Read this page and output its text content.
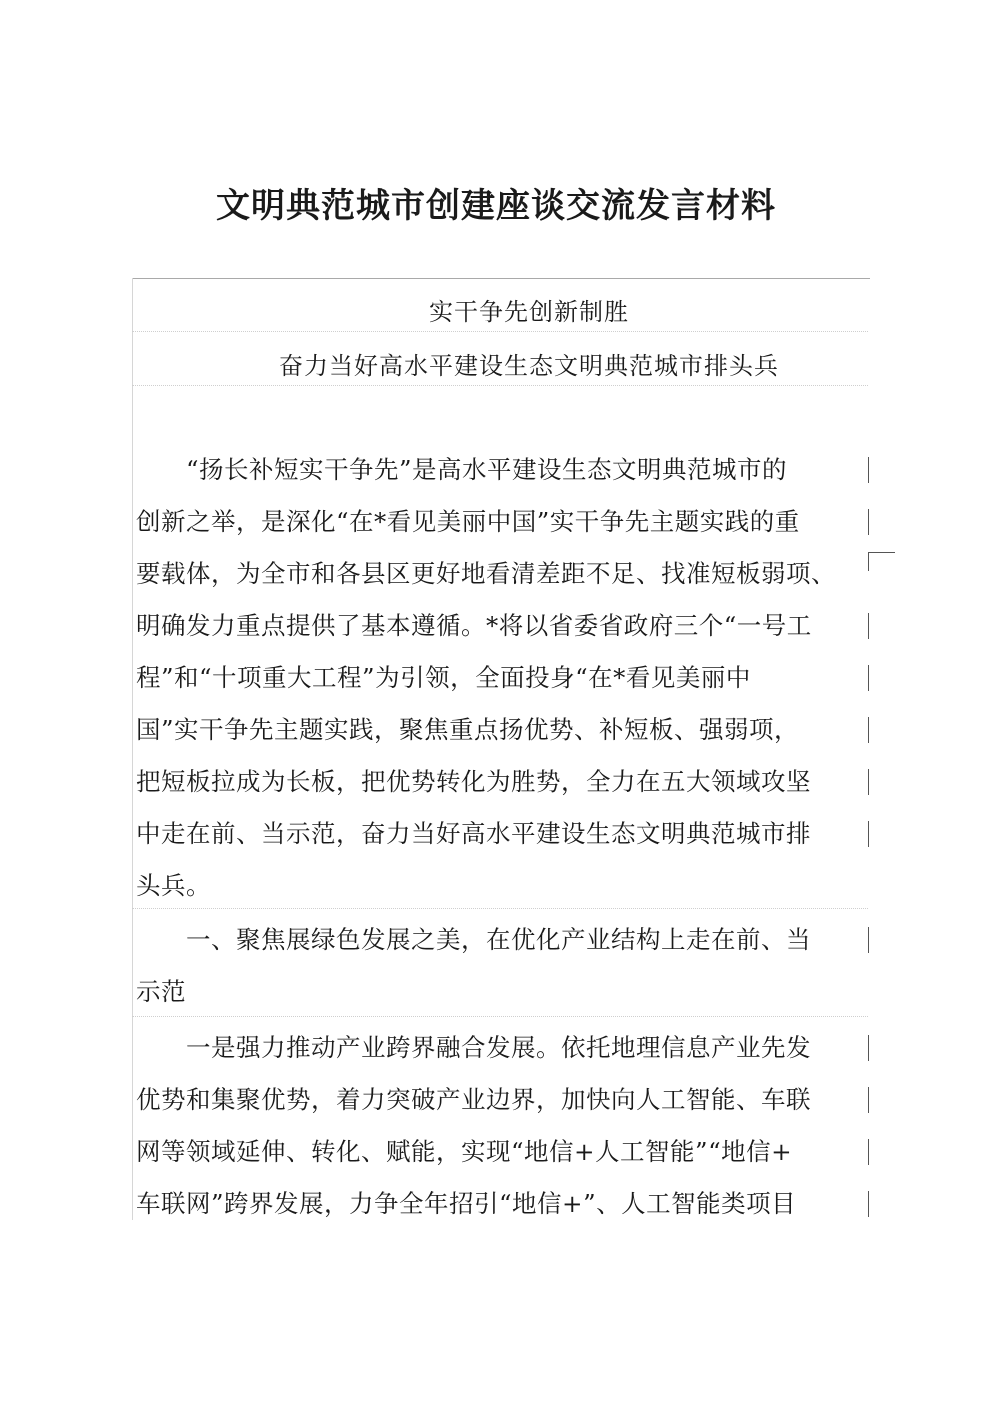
文明典范城市创建座谈交流发言材料

实干争先创新制胜

奋力当好高水平建设生态文明典范城市排头兵

　　“扬长补短实干争先”是高水平建设生态文明典范城市的

创新之举，是深化“在*看见美丽中国”实干争先主题实践的重

要载体，为全市和各县区更好地看清差距不足、找准短板弱项、

明确发力重点提供了基本遵循。*将以省委省政府三个“一号工

程”和“十项重大工程”为引领，全面投身“在*看见美丽中

国”实干争先主题实践，聚焦重点扬优势、补短板、强弱项，

把短板拉成为长板，把优势转化为胜势，全力在五大领域攻坚

中走在前、当示范，奋力当好高水平建设生态文明典范城市排

头兵。

　　一、聚焦展绿色发展之美，在优化产业结构上走在前、当

示范

　　一是强力推动产业跨界融合发展。依托地理信息产业先发

优势和集聚优势，着力突破产业边界，加快向人工智能、车联

网等领域延伸、转化、赋能，实现“地信+人工智能”“地信+

车联网”跨界发展，力争全年招引“地信+”、人工智能类项目
